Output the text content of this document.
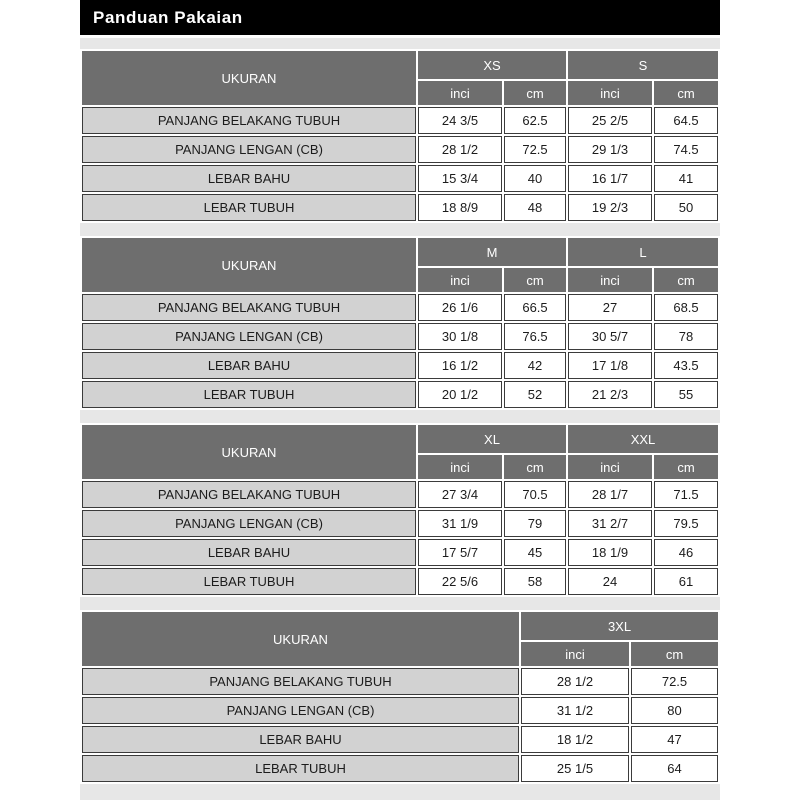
Panduan Pakaian
UKURAN	XS		S	
	inci	cm	inci	cm
PANJANG BELAKANG TUBUH	24 3/5	62.5	25 2/5	64.5
PANJANG LENGAN (CB)	28 1/2	72.5	29 1/3	74.5
LEBAR BAHU	15 3/4	40	16 1/7	41
LEBAR TUBUH	18 8/9	48	19 2/3	50
UKURAN	M		L	
	inci	cm	inci	cm
PANJANG BELAKANG TUBUH	26 1/6	66.5	27	68.5
PANJANG LENGAN (CB)	30 1/8	76.5	30 5/7	78
LEBAR BAHU	16 1/2	42	17 1/8	43.5
LEBAR TUBUH	20 1/2	52	21 2/3	55
UKURAN	XL		XXL	
	inci	cm	inci	cm
PANJANG BELAKANG TUBUH	27 3/4	70.5	28 1/7	71.5
PANJANG LENGAN (CB)	31 1/9	79	31 2/7	79.5
LEBAR BAHU	17 5/7	45	18 1/9	46
LEBAR TUBUH	22 5/6	58	24	61
UKURAN	3XL	
	inci	cm
PANJANG BELAKANG TUBUH	28 1/2	72.5
PANJANG LENGAN (CB)	31 1/2	80
LEBAR BAHU	18 1/2	47
LEBAR TUBUH	25 1/5	64
